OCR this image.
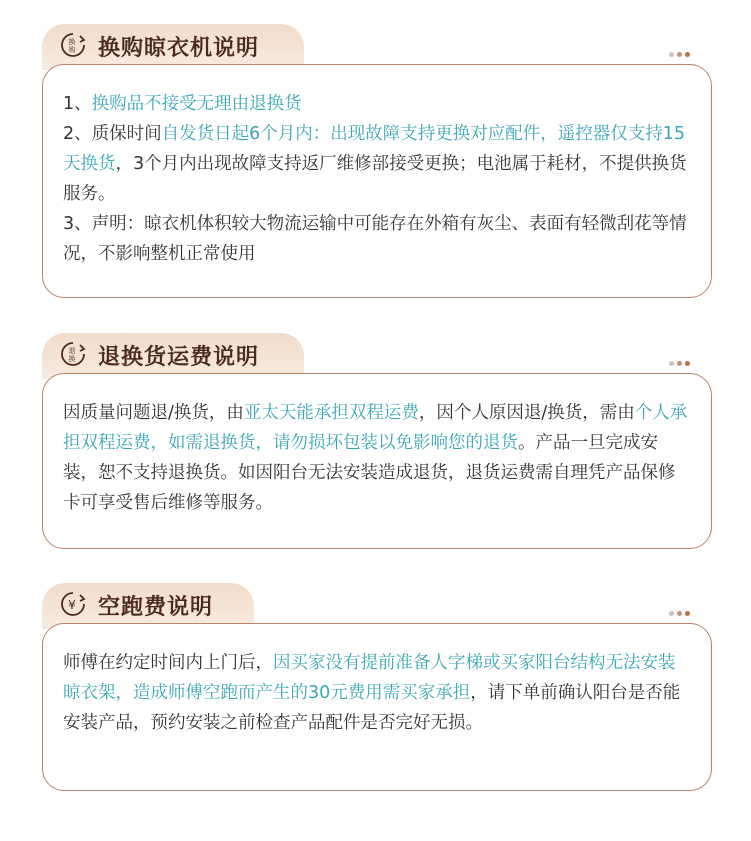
换
购 换购晾衣机说明

1、换购品不接受无理由退换货

2、质保时间自发货日起6个月内：出现故障支持更换对应配件，遥控器仅支持15天换货，3个月内出现故障支持返厂维修部接受更换；电池属于耗材，不提供换货服务。

3、声明：晾衣机体积较大物流运输中可能存在外箱有灰尘、表面有轻微刮花等情况，不影响整机正常使用

退
换 退换货运费说明

因质量问题退/换货，由亚太天能承担双程运费，因个人原因退/换货，需由个人承担双程运费，如需退换货，请勿损坏包装以免影响您的退货。产品一旦完成安装，恕不支持退换货。如因阳台无法安装造成退货，退货运费需自理凭产品保修卡可享受售后维修等服务。

¥ 空跑费说明

师傅在约定时间内上门后，因买家没有提前准备人字梯或买家阳台结构无法安装晾衣架，造成师傅空跑而产生的30元费用需买家承担，请下单前确认阳台是否能安装产品，预约安装之前检查产品配件是否完好无损。
